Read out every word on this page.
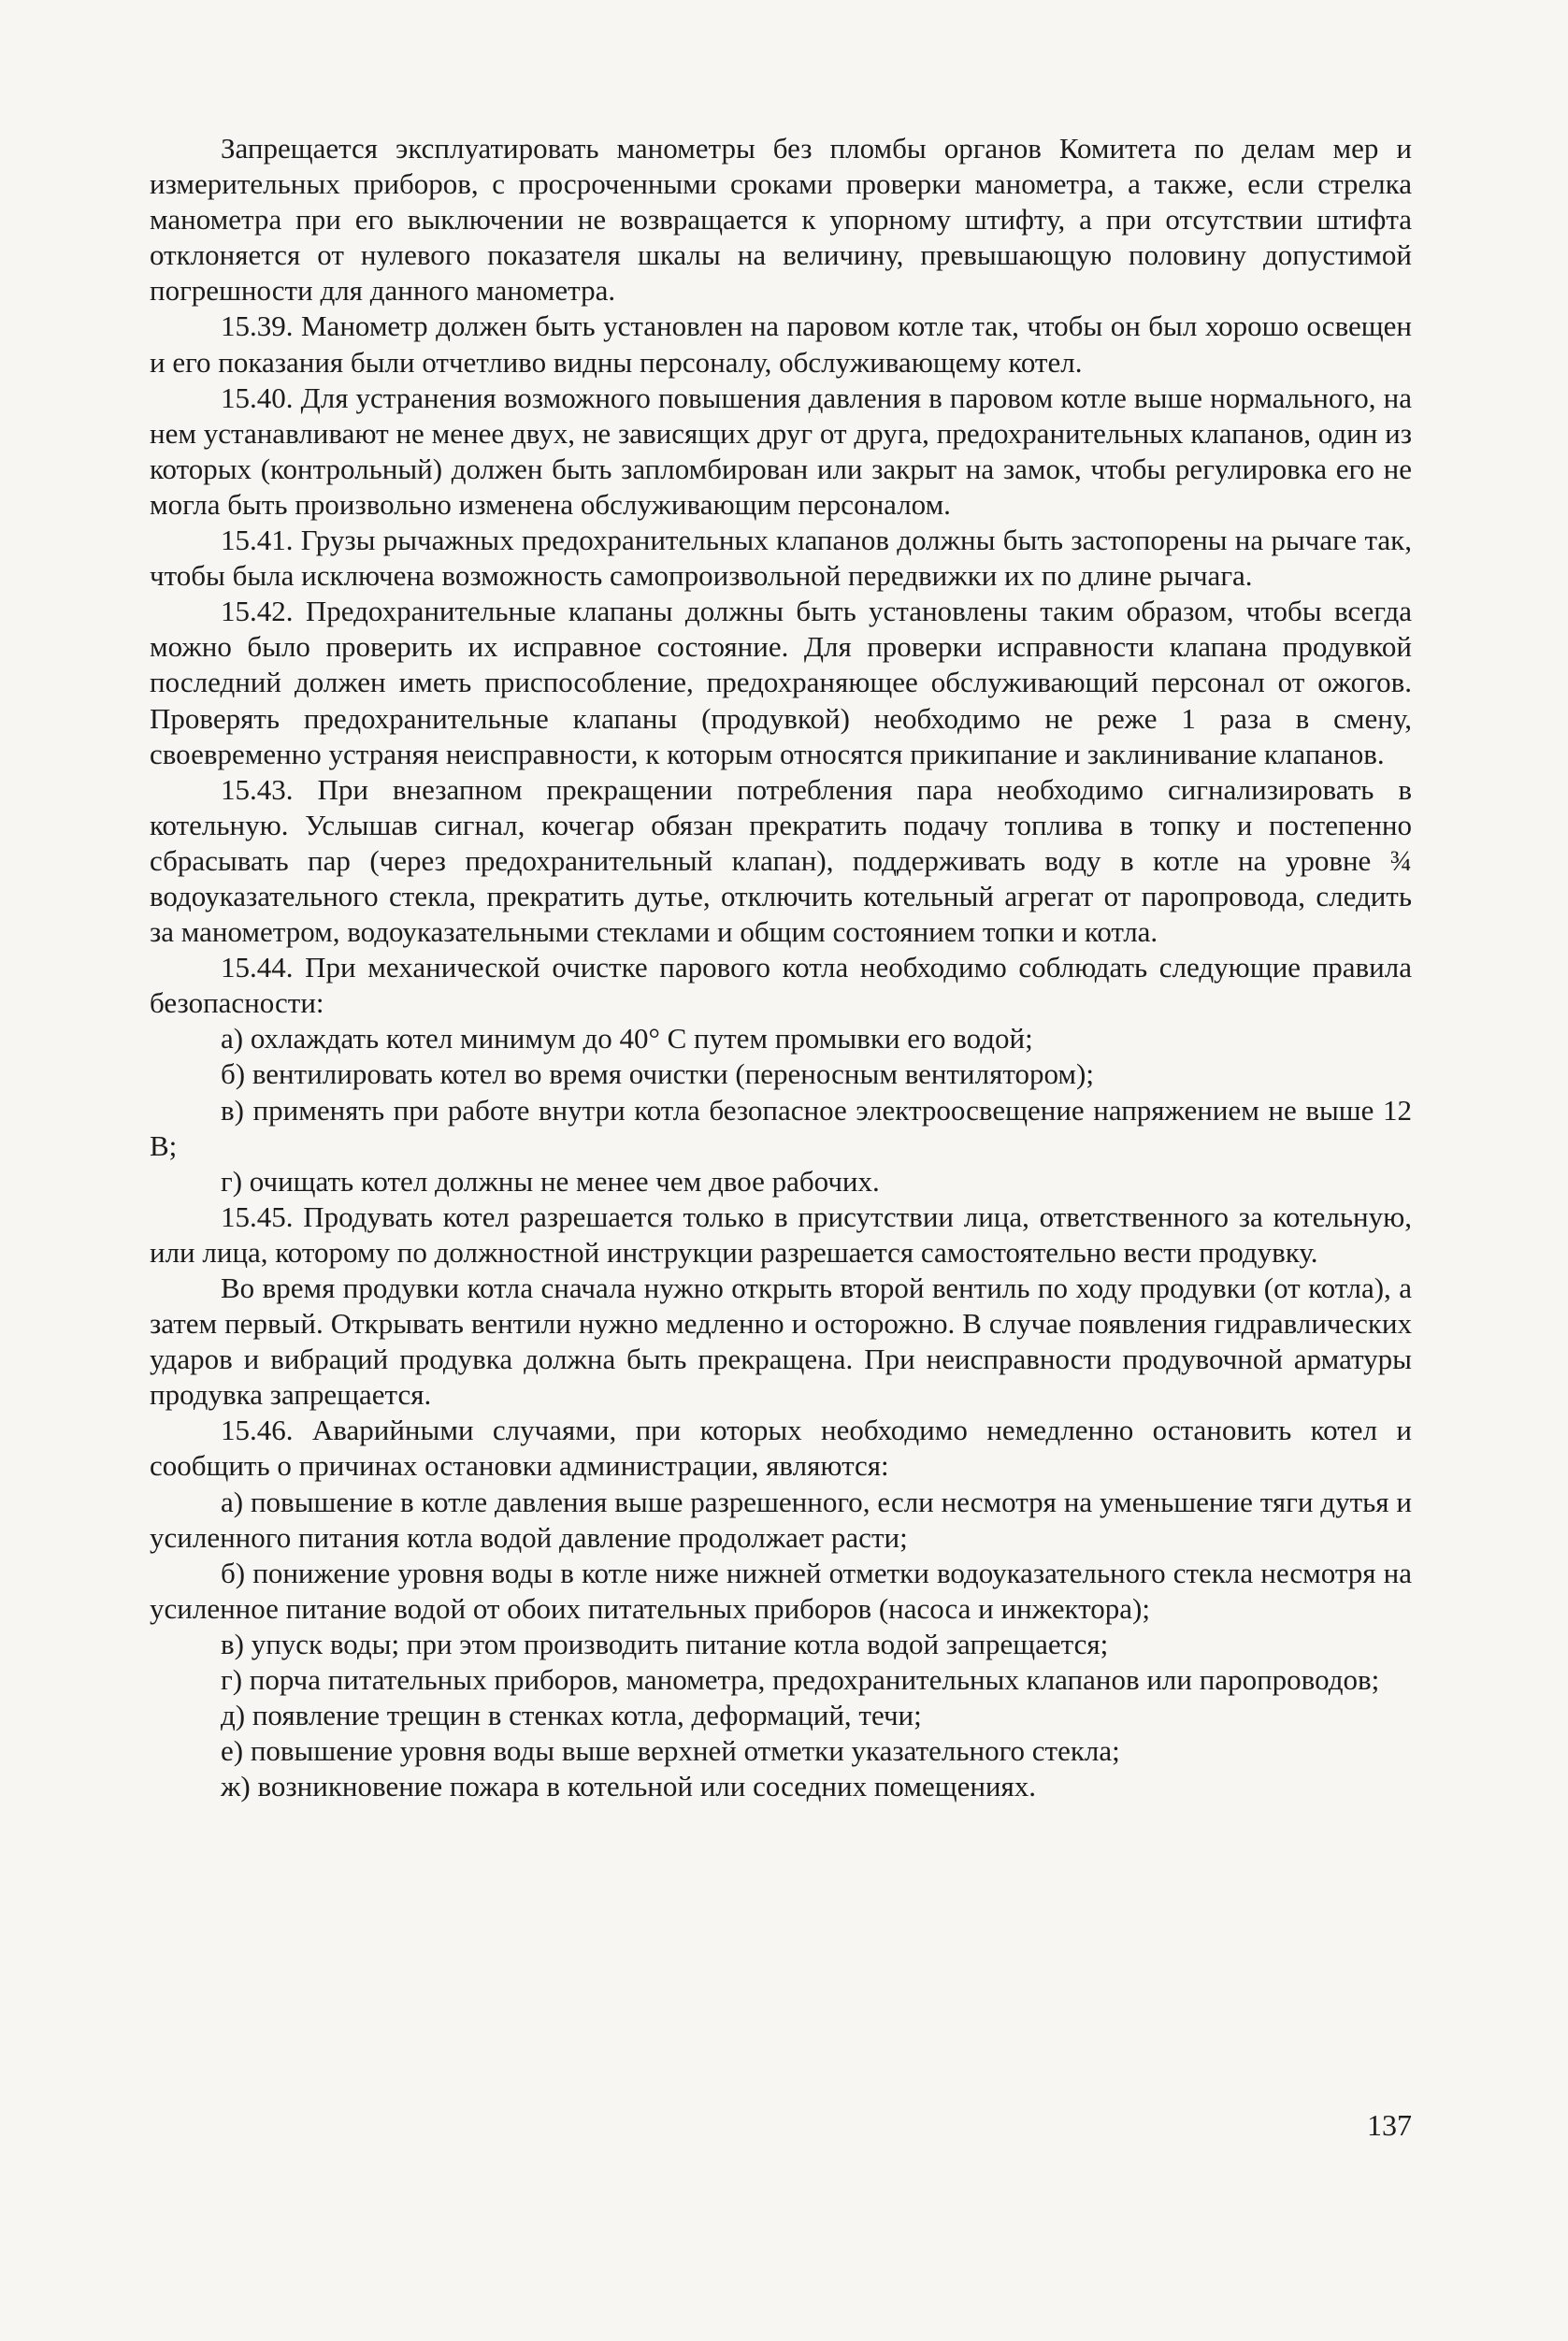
Запрещается эксплуатировать манометры без пломбы органов Комитета по делам мер и измерительных приборов, с просроченными сроками проверки манометра, а также, если стрелка манометра при его выключении не возвращается к упорному штифту, а при отсутствии штифта отклоняется от нулевого показателя шкалы на величину, превышающую половину допустимой погрешности для данного манометра.

15.39. Манометр должен быть установлен на паровом котле так, чтобы он был хорошо освещен и его показания были отчетливо видны персоналу, обслуживающему котел.

15.40. Для устранения возможного повышения давления в паровом котле выше нормального, на нем устанавливают не менее двух, не зависящих друг от друга, предохранительных клапанов, один из которых (контрольный) должен быть запломбирован или закрыт на замок, чтобы регулировка его не могла быть произвольно изменена обслуживающим персоналом.

15.41. Грузы рычажных предохранительных клапанов должны быть застопорены на рычаге так, чтобы была исключена возможность самопроизвольной передвижки их по длине рычага.

15.42. Предохранительные клапаны должны быть установлены таким образом, чтобы всегда можно было проверить их исправное состояние. Для проверки исправности клапана продувкой последний должен иметь приспособление, предохраняющее обслуживающий персонал от ожогов. Проверять предохранительные клапаны (продувкой) необходимо не реже 1 раза в смену, своевременно устраняя неисправности, к которым относятся прикипание и заклинивание клапанов.

15.43. При внезапном прекращении потребления пара необходимо сигнализировать в котельную. Услышав сигнал, кочегар обязан прекратить подачу топлива в топку и постепенно сбрасывать пар (через предохранительный клапан), поддерживать воду в котле на уровне ¾ водоуказательного стекла, прекратить дутье, отключить котельный агрегат от паропровода, следить за манометром, водоуказательными стеклами и общим состоянием топки и котла.

15.44. При механической очистке парового котла необходимо соблюдать следующие правила безопасности:

а) охлаждать котел минимум до 40° С путем промывки его водой;

б) вентилировать котел во время очистки (переносным вентилятором);

в) применять при работе внутри котла безопасное электроосвещение напряжением не выше 12 В;

г) очищать котел должны не менее чем двое рабочих.

15.45. Продувать котел разрешается только в присутствии лица, ответственного за котельную, или лица, которому по должностной инструкции разрешается самостоятельно вести продувку.

Во время продувки котла сначала нужно открыть второй вентиль по ходу продувки (от котла), а затем первый. Открывать вентили нужно медленно и осторожно. В случае появления гидравлических ударов и вибраций продувка должна быть прекращена. При неисправности продувочной арматуры продувка запрещается.

15.46. Аварийными случаями, при которых необходимо немедленно остановить котел и сообщить о причинах остановки администрации, являются:

а) повышение в котле давления выше разрешенного, если несмотря на уменьшение тяги дутья и усиленного питания котла водой давление продолжает расти;

б) понижение уровня воды в котле ниже нижней отметки водоуказательного стекла несмотря на усиленное питание водой от обоих питательных приборов (насоса и инжектора);

в) упуск воды; при этом производить питание котла водой запрещается;

г) порча питательных приборов, манометра, предохранительных клапанов или паропроводов;

д) появление трещин в стенках котла, деформаций, течи;

е) повышение уровня воды выше верхней отметки указательного стекла;

ж) возникновение пожара в котельной или соседних помещениях.

137
